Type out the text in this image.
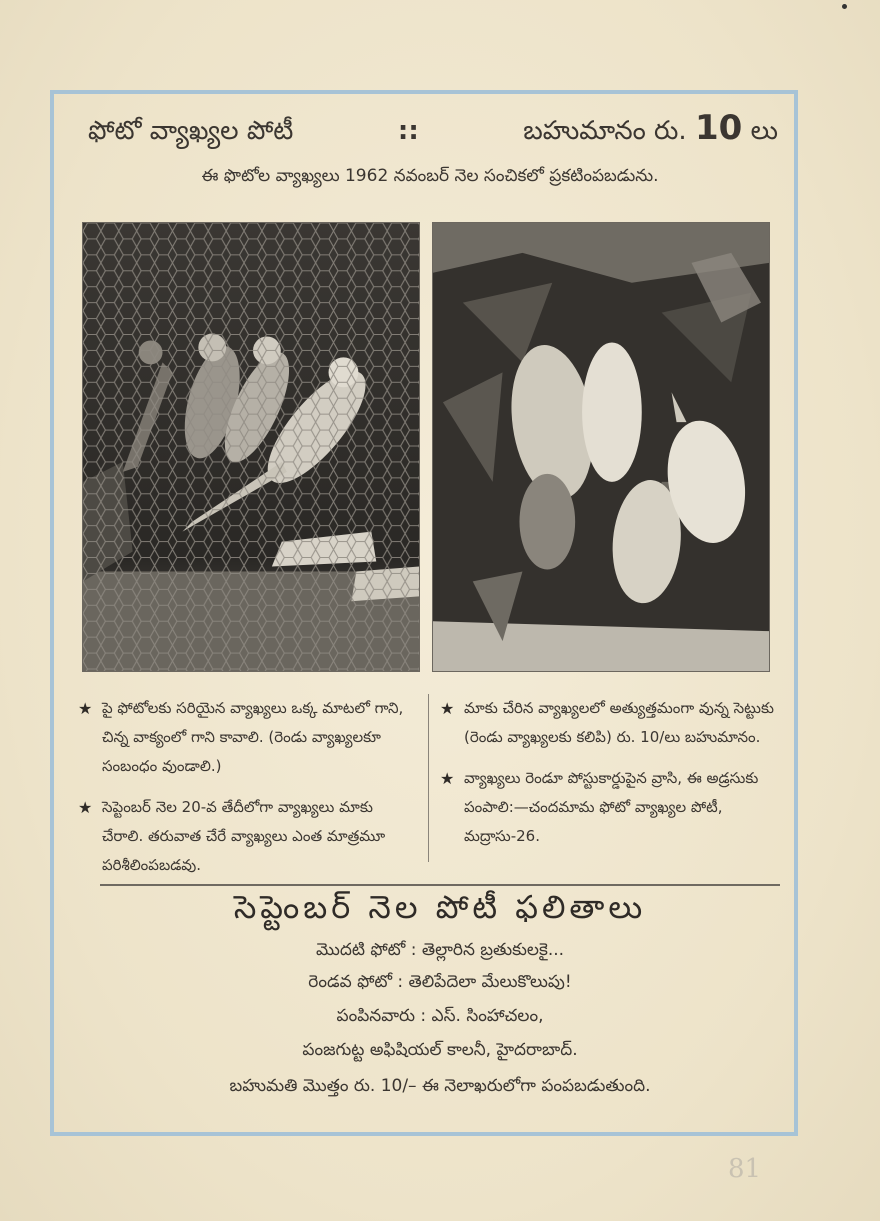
ఫోటో వ్యాఖ్యల పోటీ	::	బహుమానం రు. 10 లు
ఈ ఫొటోల వ్యాఖ్యలు 1962 నవంబర్ నెల సంచికలో ప్రకటింపబడును.

★ పై ఫోటోలకు సరియైన వ్యాఖ్యలు ఒక్క మాటలో గాని, చిన్న వాక్యంలో గాని కావాలి. (రెండు వ్యాఖ్యలకూ సంబంధం వుండాలి.)

★ సెప్టెంబర్ నెల 20-వ తేదీలోగా వ్యాఖ్యలు మాకు చేరాలి. తరువాత చేరే వ్యాఖ్యలు ఎంత మాత్రమూ పరిశీలింపబడవు.

★ మాకు చేరిన వ్యాఖ్యలలో అత్యుత్తమంగా వున్న సెట్టుకు (రెండు వ్యాఖ్యలకు కలిపి) రు. 10/లు బహుమానం.

★ వ్యాఖ్యలు రెండూ పోస్టుకార్డుపైన వ్రాసి, ఈ అడ్రసుకు పంపాలి:—చందమామ ఫోటో వ్యాఖ్యల పోటీ, మద్రాసు-26.

సెప్టెంబర్ నెల పోటీ ఫలితాలు
మొదటి ఫోటో : తెల్లారిన బ్రతుకులకై...
రెండవ ఫోటో : తెలిపేదెలా మేలుకొలుపు!
పంపినవారు : ఎస్. సింహాచలం,
పంజగుట్ట అఫిషియల్ కాలనీ, హైదరాబాద్.
బహుమతి మొత్తం రు. 10/– ఈ నెలాఖరులోగా పంపబడుతుంది.
81
